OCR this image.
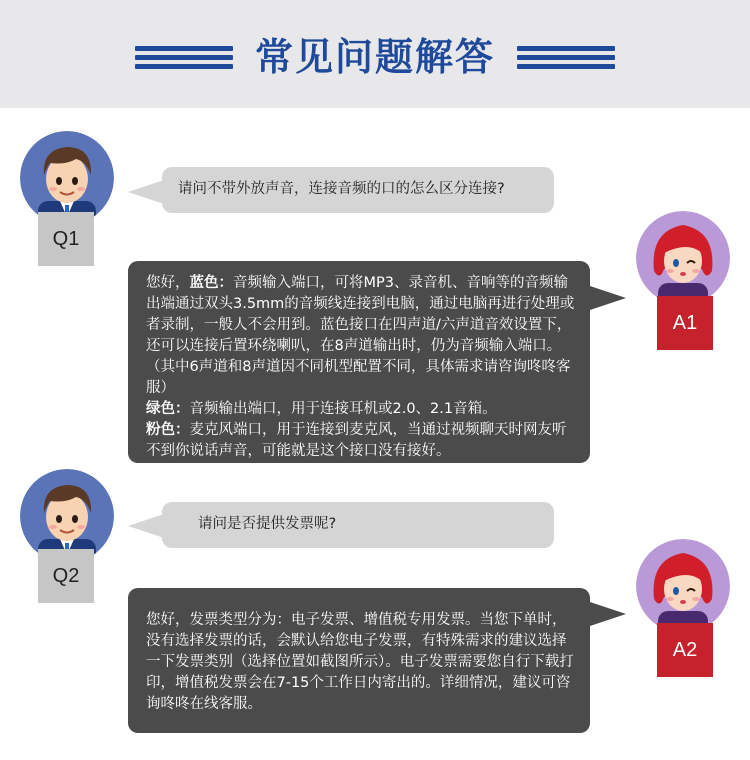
常见问题解答
Q1

请问不带外放声音，连接音频的口的怎么区分连接?

A1

您好，蓝色：音频输入端口，可将MP3、录音机、音响等的音频输出端通过双头3.5mm的音频线连接到电脑，通过电脑再进行处理或者录制，一般人不会用到。蓝色接口在四声道/六声道音效设置下，还可以连接后置环绕喇叭，在8声道输出时，仍为音频输入端口。（其中6声道和8声道因不同机型配置不同，具体需求请咨询咚咚客服）

绿色：音频输出端口，用于连接耳机或2.0、2.1音箱。

粉色：麦克风端口，用于连接到麦克风，当通过视频聊天时网友听不到你说话声音，可能就是这个接口没有接好。

Q2

请问是否提供发票呢?

A2

您好，发票类型分为：电子发票、增值税专用发票。当您下单时，没有选择发票的话，会默认给您电子发票，有特殊需求的建议选择一下发票类别（选择位置如截图所示）。电子发票需要您自行下载打印，增值税发票会在7-15个工作日内寄出的。详细情况，建议可咨询咚咚在线客服。
